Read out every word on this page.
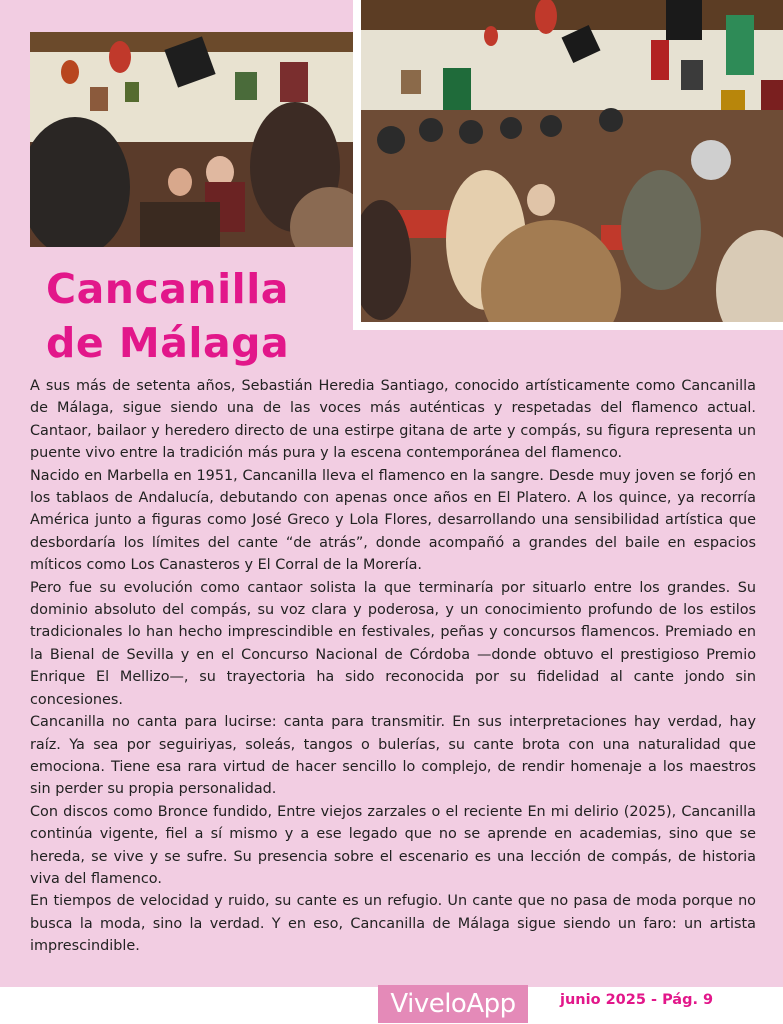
Cancanilla
de Málaga

A sus más de setenta años, Sebastián Heredia Santiago, conocido artísticamente como Cancanilla de Málaga, sigue siendo una de las voces más auténticas y respetadas del flamenco actual. Cantaor, bailaor y heredero directo de una estirpe gitana de arte y compás, su figura representa un puente vivo entre la tradición más pura y la escena contemporánea del flamenco.

Nacido en Marbella en 1951, Cancanilla lleva el flamenco en la sangre. Desde muy joven se forjó en los tablaos de Andalucía, debutando con apenas once años en El Platero. A los quince, ya recorría América junto a figuras como José Greco y Lola Flores, desarrollando una sensibilidad artística que desbordaría los límites del cante “de atrás”, donde acompañó a grandes del baile en espacios míticos como Los Canasteros y El Corral de la Morería.

Pero fue su evolución como cantaor solista la que terminaría por situarlo entre los grandes. Su dominio absoluto del compás, su voz clara y poderosa, y un conocimiento profundo de los estilos tradicionales lo han hecho imprescindible en festivales, peñas y concursos flamencos. Premiado en la Bienal de Sevilla y en el Concurso Nacional de Córdoba —donde obtuvo el prestigioso Premio Enrique El Mellizo—, su trayectoria ha sido reconocida por su fidelidad al cante jondo sin concesiones.

Cancanilla no canta para lucirse: canta para transmitir. En sus interpretaciones hay verdad, hay raíz. Ya sea por seguiriyas, soleás, tangos o bulerías, su cante brota con una naturalidad que emociona. Tiene esa rara virtud de hacer sencillo lo complejo, de rendir homenaje a los maestros sin perder su propia personalidad.

Con discos como Bronce fundido, Entre viejos zarzales o el reciente En mi delirio (2025), Cancanilla continúa vigente, fiel a sí mismo y a ese legado que no se aprende en academias, sino que se hereda, se vive y se sufre. Su presencia sobre el escenario es una lección de compás, de historia viva del flamenco.

En tiempos de velocidad y ruido, su cante es un refugio. Un cante que no pasa de moda porque no busca la moda, sino la verdad. Y en eso, Cancanilla de Málaga sigue siendo un faro: un artista imprescindible.

ViveloApp	junio 2025 - Pág. 9
